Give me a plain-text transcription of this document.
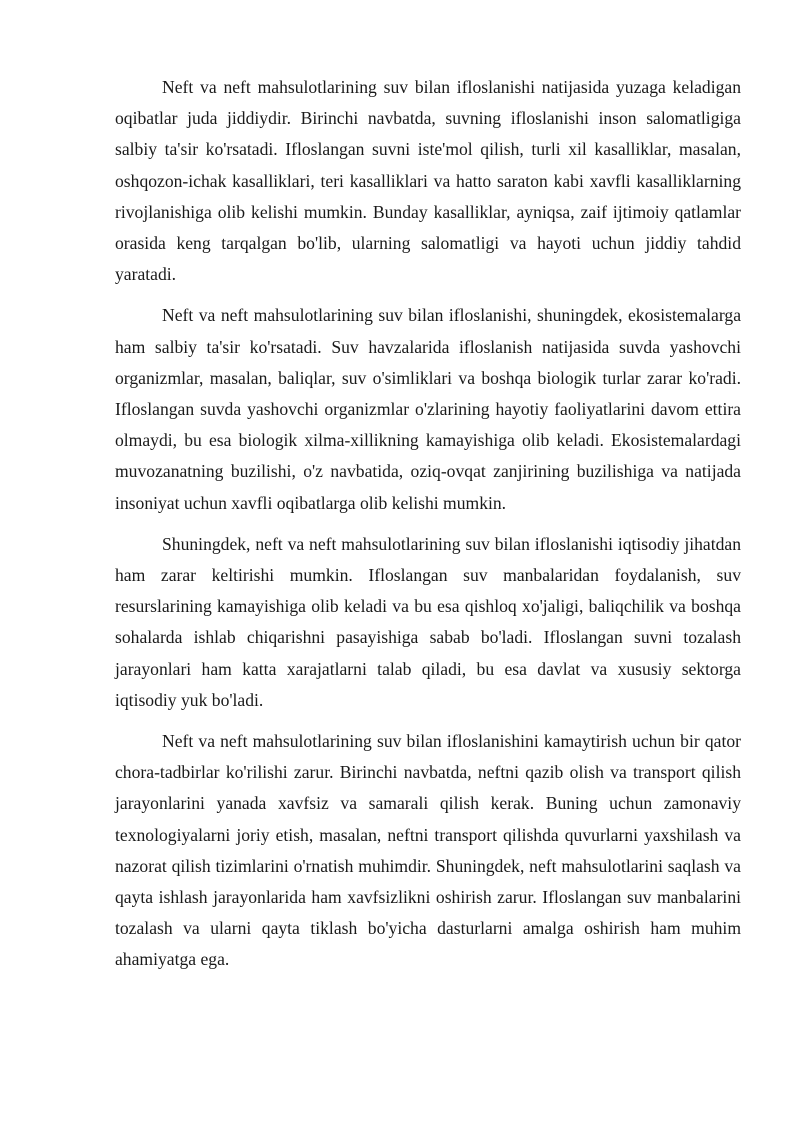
Neft va neft mahsulotlarining suv bilan ifloslanishi natijasida yuzaga keladigan oqibatlar juda jiddiydir. Birinchi navbatda, suvning ifloslanishi inson salomatligiga salbiy ta'sir ko'rsatadi. Ifloslangan suvni iste'mol qilish, turli xil kasalliklar, masalan, oshqozon-ichak kasalliklari, teri kasalliklari va hatto saraton kabi xavfli kasalliklarning rivojlanishiga olib kelishi mumkin. Bunday kasalliklar, ayniqsa, zaif ijtimoiy qatlamlar orasida keng tarqalgan bo'lib, ularning salomatligi va hayoti uchun jiddiy tahdid yaratadi.

Neft va neft mahsulotlarining suv bilan ifloslanishi, shuningdek, ekosistemalarga ham salbiy ta'sir ko'rsatadi. Suv havzalarida ifloslanish natijasida suvda yashovchi organizmlar, masalan, baliqlar, suv o'simliklari va boshqa biologik turlar zarar ko'radi. Ifloslangan suvda yashovchi organizmlar o'zlarining hayotiy faoliyatlarini davom ettira olmaydi, bu esa biologik xilma-xillikning kamayishiga olib keladi. Ekosistemalardagi muvozanatning buzilishi, o'z navbatida, oziq-ovqat zanjirining buzilishiga va natijada insoniyat uchun xavfli oqibatlarga olib kelishi mumkin.

Shuningdek, neft va neft mahsulotlarining suv bilan ifloslanishi iqtisodiy jihatdan ham zarar keltirishi mumkin. Ifloslangan suv manbalaridan foydalanish, suv resurslarining kamayishiga olib keladi va bu esa qishloq xo'jaligi, baliqchilik va boshqa sohalarda ishlab chiqarishni pasayishiga sabab bo'ladi. Ifloslangan suvni tozalash jarayonlari ham katta xarajatlarni talab qiladi, bu esa davlat va xususiy sektorga iqtisodiy yuk bo'ladi.

Neft va neft mahsulotlarining suv bilan ifloslanishini kamaytirish uchun bir qator chora-tadbirlar ko'rilishi zarur. Birinchi navbatda, neftni qazib olish va transport qilish jarayonlarini yanada xavfsiz va samarali qilish kerak. Buning uchun zamonaviy texnologiyalarni joriy etish, masalan, neftni transport qilishda quvurlarni yaxshilash va nazorat qilish tizimlarini o'rnatish muhimdir. Shuningdek, neft mahsulotlarini saqlash va qayta ishlash jarayonlarida ham xavfsizlikni oshirish zarur. Ifloslangan suv manbalarini tozalash va ularni qayta tiklash bo'yicha dasturlarni amalga oshirish ham muhim ahamiyatga ega.
